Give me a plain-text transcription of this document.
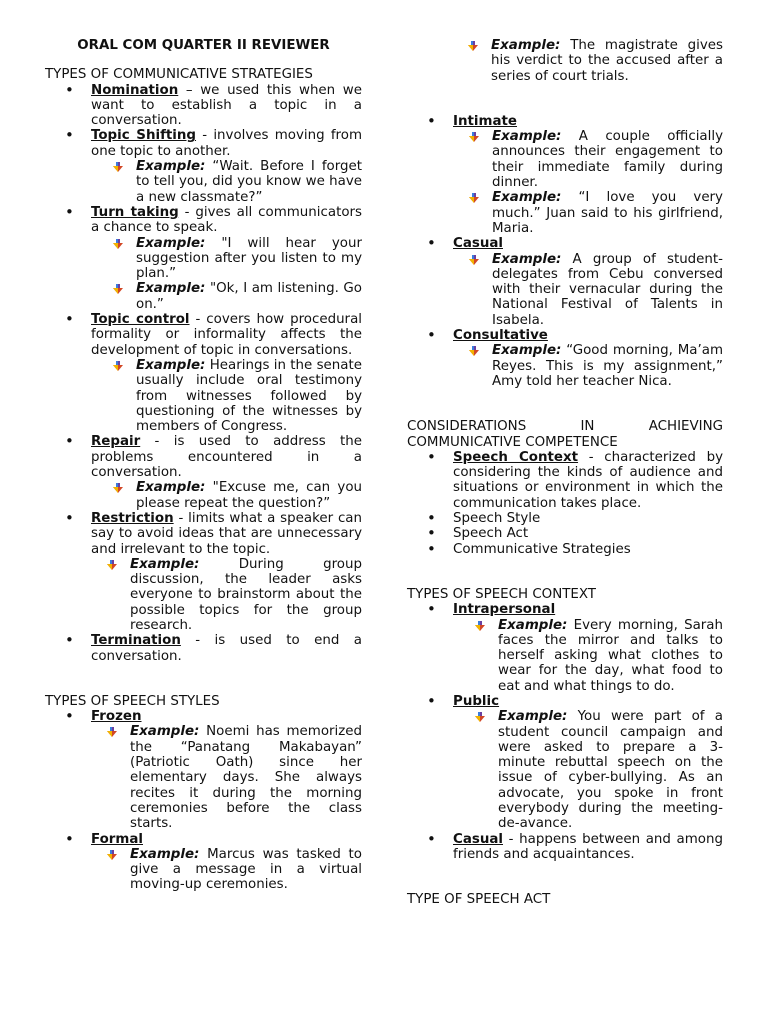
ORAL COM QUARTER II REVIEWER
TYPES OF COMMUNICATIVE STRATEGIES
• Nomination – we used this when we want to establish a topic in a conversation.
• Topic Shifting - involves moving from one topic to another.
Example: “Wait. Before I forget to tell you, did you know we have a new classmate?”
• Turn taking - gives all communicators a chance to speak.
Example: "I will hear your suggestion after you listen to my plan.”
Example: "Ok, I am listening. Go on.”
• Topic control - covers how procedural formality or informality affects the development of topic in conversations.
Example: Hearings in the senate usually include oral testimony from witnesses followed by questioning of the witnesses by members of Congress.
• Repair - is used to address the problems encountered in a conversation.
Example: "Excuse me, can you please repeat the question?”
• Restriction - limits what a speaker can say to avoid ideas that are unnecessary and irrelevant to the topic.
Example:	During group discussion, the leader asks everyone to brainstorm about the possible topics for the group research.
• Termination - is used to end a conversation.
TYPES OF SPEECH STYLES
• Frozen
Example: Noemi has memorized the “Panatang Makabayan” (Patriotic Oath) since her elementary days. She always recites it during the morning ceremonies before the class starts.
• Formal
Example: Marcus was tasked to give a message in a virtual moving-up ceremonies.
Example: The magistrate gives his verdict to the accused after a series of court trials.
• Intimate
Example: A couple officially announces their engagement to their immediate family during dinner.
Example: “I love you very much.” Juan said to his girlfriend, Maria.
• Casual
Example: A group of student-delegates from Cebu conversed with their vernacular during the National Festival of Talents in Isabela.
• Consultative
Example: “Good morning, Ma’am Reyes. This is my assignment,” Amy told her teacher Nica.
CONSIDERATIONS IN ACHIEVING COMMUNICATIVE COMPETENCE
• Speech Context - characterized by considering the kinds of audience and situations or environment in which the communication takes place.
• Speech Style
• Speech Act
• Communicative Strategies
TYPES OF SPEECH CONTEXT
• Intrapersonal
Example: Every morning, Sarah faces the mirror and talks to herself asking what clothes to wear for the day, what food to eat and what things to do.
• Public
Example: You were part of a student council campaign and were asked to prepare a 3-minute rebuttal speech on the issue of cyber-bullying. As an advocate, you spoke in front everybody during the meeting-de-avance.
• Casual - happens between and among friends and acquaintances.
TYPE OF SPEECH ACT
